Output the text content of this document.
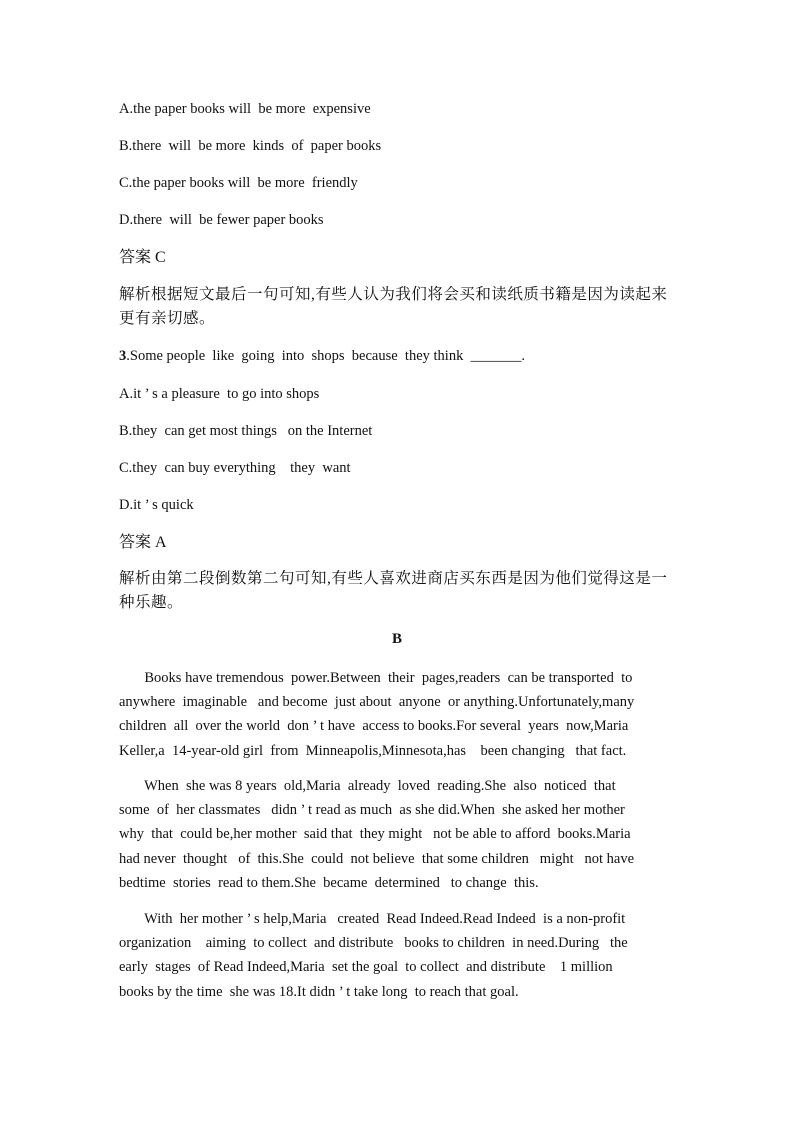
A.the paper books will  be more  expensive
B.there  will  be more  kinds  of  paper books
C.the paper books will  be more  friendly
D.there  will  be fewer paper books
答案 C
解析根据短文最后一句可知,有些人认为我们将会买和读纸质书籍是因为读起来
更有亲切感。
3.Some people  like  going  into  shops  because  they think  _______.
A.it ’ s a pleasure  to go into shops
B.they  can get most things   on the Internet
C.they  can buy everything    they  want
D.it ’ s quick
答案 A
解析由第二段倒数第二句可知,有些人喜欢进商店买东西是因为他们觉得这是一
种乐趣。
B
Books have tremendous  power.Between  their  pages,readers  can be transported  to
anywhere  imaginable   and become  just about  anyone  or anything.Unfortunately,many
children  all  over the world  don ’ t have  access to books.For several  years  now,Maria
Keller,a  14-year-old girl  from  Minneapolis,Minnesota,has    been changing   that fact.
When  she was 8 years  old,Maria  already  loved  reading.She  also  noticed  that
some  of  her classmates   didn ’ t read as much  as she did.When  she asked her mother
why  that  could be,her mother  said that  they might   not be able to afford  books.Maria
had never  thought   of  this.She  could  not believe  that some children   might   not have
bedtime  stories  read to them.She  became  determined   to change  this.
With  her mother ’ s help,Maria   created  Read Indeed.Read Indeed  is a non-profit
organization    aiming  to collect  and distribute   books to children  in need.During   the
early  stages  of Read Indeed,Maria  set the goal  to collect  and distribute    1 million
books by the time  she was 18.It didn ’ t take long  to reach that goal.
